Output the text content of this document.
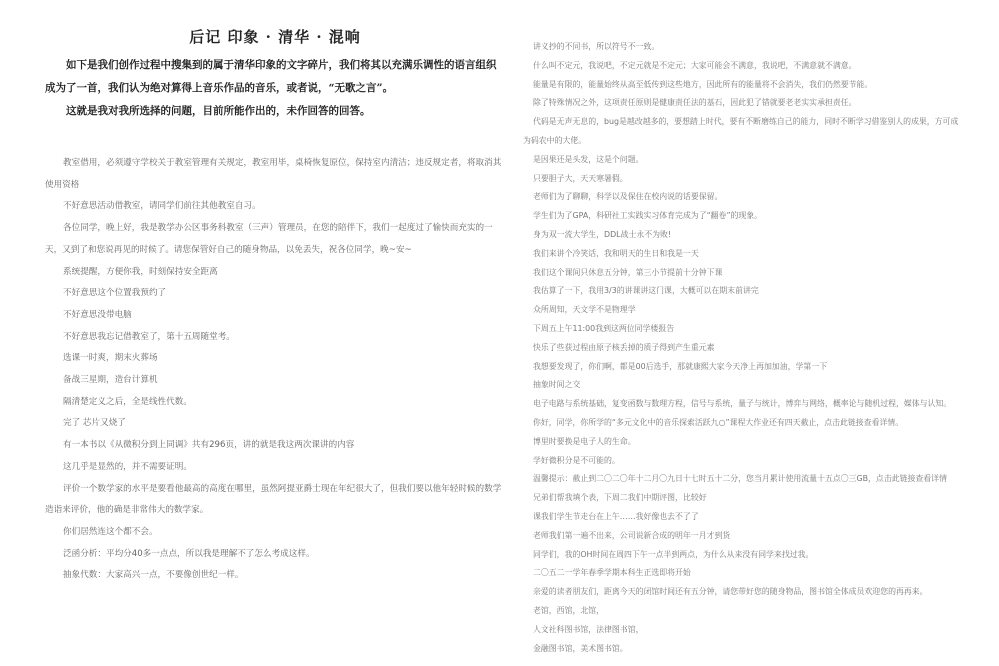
后记 印象 · 清华 · 混响

如下是我们创作过程中搜集到的属于清华印象的文字碎片，我们将其以充满乐调性的语言组织成为了一首，我们认为绝对算得上音乐作品的音乐，或者说，“无歌之言”。

这就是我对我所选择的问题，目前所能作出的，未作回答的回答。

教室借用，必须遵守学校关于教室管理有关规定，教室用毕，桌椅恢复原位，保持室内清洁；违反规定者，将取消其使用资格

不好意思活动借教室，请同学们前往其他教室自习。

各位同学，晚上好，我是教学办公区事务科教室（三声）管理员，在您的陪伴下，我们一起度过了愉快而充实的一天，又到了和您说再见的时候了。请您保管好自己的随身物品，以免丢失，祝各位同学，晚~安~

系统提醒，方便你我，时刻保持安全距离

不好意思这个位置我预约了

不好意思没带电脑

不好意思我忘记借教室了，第十五周随堂考。

选课一时爽，期末火葬场

备战三星期，造台计算机

隔清楚定义之后，全是线性代数。

完了 芯片又烧了

有一本书以《从微积分到上同调》共有296页，讲的就是我这两次课讲的内容

这几乎是显然的，并不需要证明。

评价一个数学家的水平是要看他最高的高度在哪里，虽然阿提亚爵士现在年纪很大了，但我们要以他年轻时候的数学造诣来评价，他的确是非常伟大的数学家。

你们居然连这个都不会。

泛函分析：平均分40多一点点，所以我是理解不了怎么考成这样。

抽象代数：大家高兴一点，不要像创世纪一样。

讲义抄的不同书，所以符号不一致。

什么叫不定元，我说吧，不定元就是不定元；大家可能会不满意，我说吧，不满意就不满意。

能量是有限的，能量始终从高至低传到这些地方，因此所有的能量将不会消失，我们仍然要节能。

除了特殊情况之外，这项责任原则是健康责任法的基石，因此犯了错就要老老实实承担责任。

代码是无声无息的，bug是越改越多的，要想踏上时代，要有不断磨练自己的能力，同时不断学习借鉴别人的成果，方可成为码农中的大佬。

是因果还是头发，这是个问题。

只要胆子大，天天寒暑假。

老师们为了聊聊，科学以及保住在校内说的话要保留。

学生们为了GPA，科研社工实践实习体育完成为了“翻卷”的现象。

身为双一流大学生，DDL战士永不为败!

我们来讲个冷笑话，我和明天的生日和我是一天

我们这个课间只休息五分钟，第三小节提前十分钟下课

我估算了一下，我用3/3的讲课讲这门课，大概可以在期末前讲完

众所周知，天文学不是物理学

下周五上午11:00我到这两位同学楼报告

快乐了些获过程由原子核丢掉的质子得到产生重元素

我想要发现了，你们啊，都是00后选手，那就康熙大家今天净上再加加油，学第一下

抽象时间之交

电子电路与系统基础，复变函数与数理方程，信号与系统，量子与统计，博弈与网络，概率论与随机过程，媒体与认知。

你好，同学，你所学的“多元文化中的音乐探索活跃九○”课程大作业还有四天截止，点击此链接查看详情。

博里时要换是电子人的生命。

学好微积分是不可能的。

温馨提示：截止到二〇二〇年十二月〇九日十七时五十二分，您当月累计使用流量十五点〇三GB，点击此链接查看详情

兄弟们帮我填个表，下周二我们中期评图，比较好

课我们学生节走台在上午……我好像也去不了了

老师我们第一遍不出来，公司说新合成的明年一月才到货

同学们，我的OH时间在周四下午一点半到两点，为什么从来没有同学来找过我。

二〇五二一学年春季学期本科生正选即将开始

亲爱的读者朋友们，距离今天的闭馆时间还有五分钟，请您带好您的随身物品，图书馆全体成员欢迎您的再再来。

老馆，西馆，北馆，

人文社科图书馆，法律图书馆，

金融图书馆，美术图书馆。
